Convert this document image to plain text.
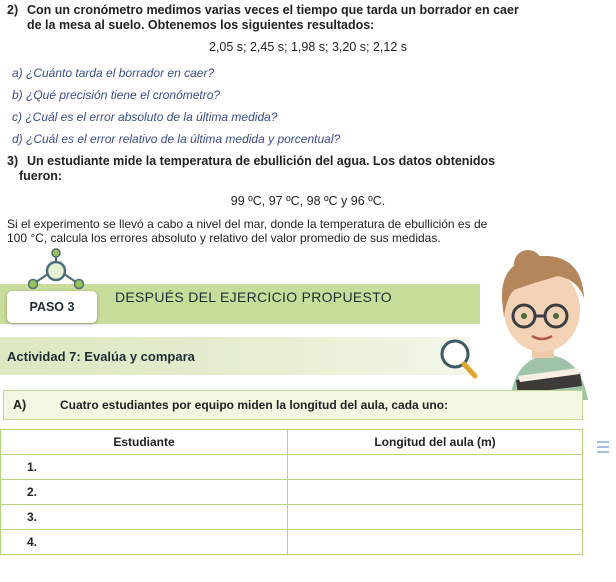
2) Con un cronómetro medimos varias veces el tiempo que tarda un borrador en caer
de la mesa al suelo. Obtenemos los siguientes resultados:
2,05 s; 2,45 s; 1,98 s; 3,20 s; 2,12 s
a) ¿Cuánto tarda el borrador en caer?
b) ¿Qué precisión tiene el cronómetro?
c) ¿Cuál es el error absoluto de la última medida?
d) ¿Cuál es el error relativo de la última medida y porcentual?
3) Un estudiante mide la temperatura de ebullición del agua. Los datos obtenidos
fueron:
99 ºC, 97 ºC, 98 ºC y 96 ºC.
Si el experimento se llevó a cabo a nivel del mar, donde la temperatura de ebullición es de
100 °C, calcula los errores absoluto y relativo del valor promedio de sus medidas.
PASO 3
DESPUÉS DEL EJERCICIO PROPUESTO
Actividad 7: Evalúa y compara
A)	Cuatro estudiantes por equipo miden la longitud del aula, cada uno:
Estudiante	Longitud del aula (m)
1.	
2.	
3.	
4.	
